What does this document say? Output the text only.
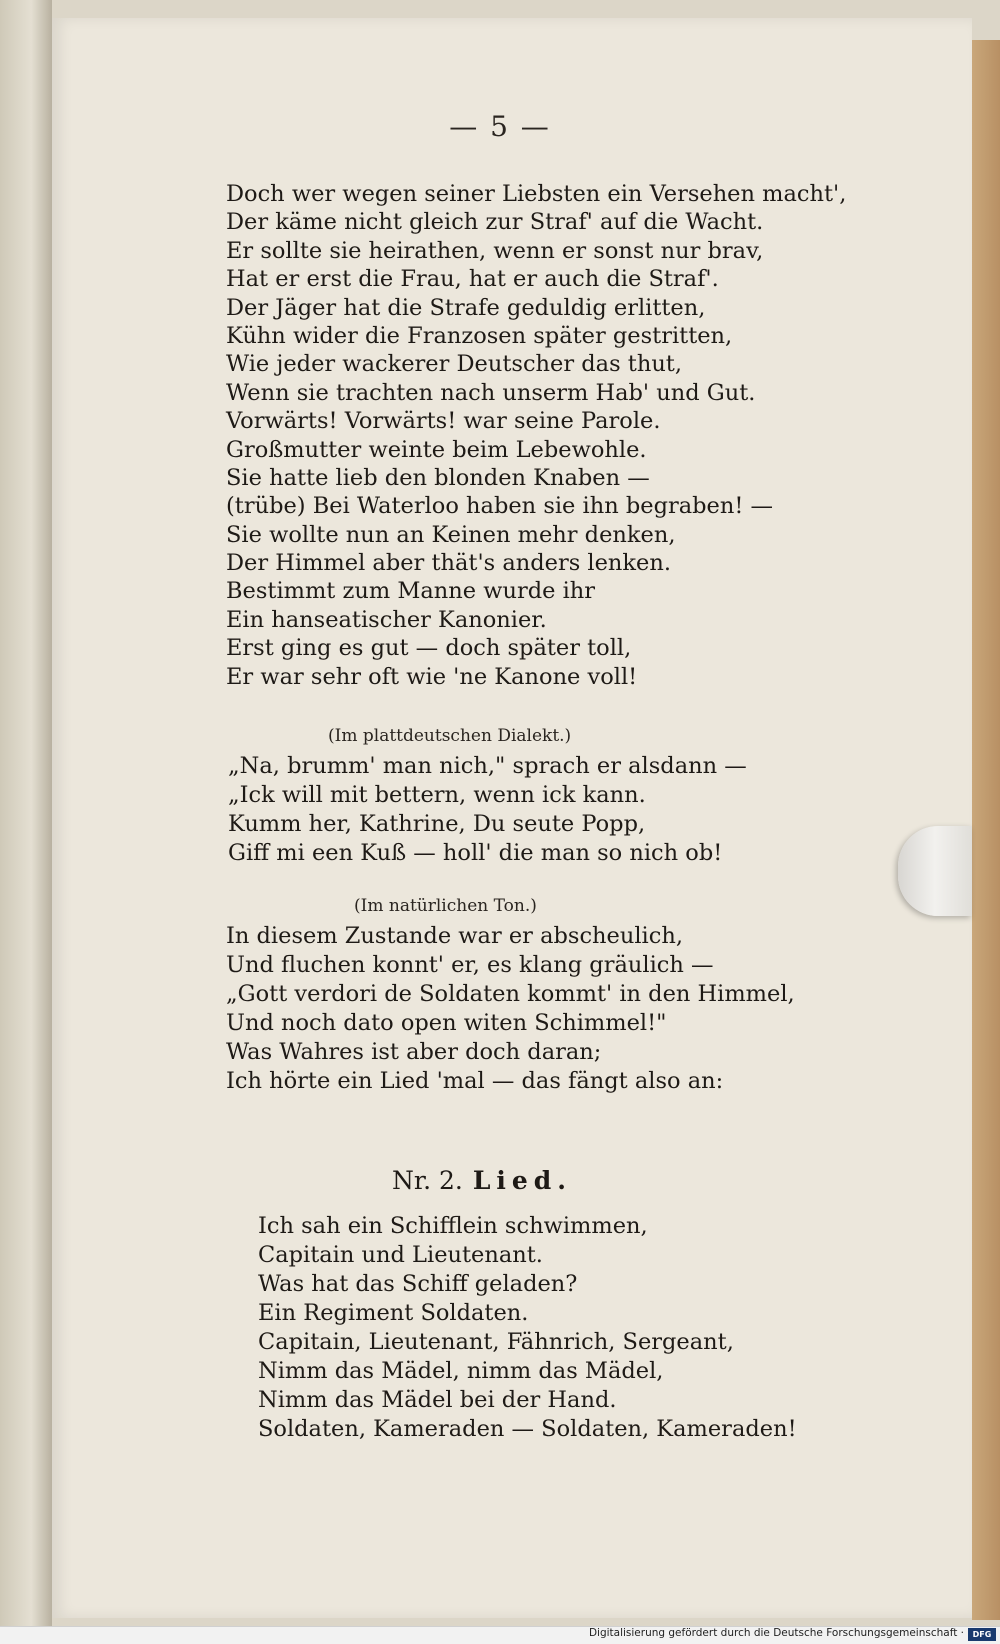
— 5 —
Doch wer wegen seiner Liebsten ein Versehen macht',
Der käme nicht gleich zur Straf' auf die Wacht.
Er sollte sie heirathen, wenn er sonst nur brav,
Hat er erst die Frau, hat er auch die Straf'.
Der Jäger hat die Strafe geduldig erlitten,
Kühn wider die Franzosen später gestritten,
Wie jeder wackerer Deutscher das thut,
Wenn sie trachten nach unserm Hab' und Gut.
Vorwärts! Vorwärts! war seine Parole.
Großmutter weinte beim Lebewohle.
Sie hatte lieb den blonden Knaben —
(trübe) Bei Waterloo haben sie ihn begraben! —
Sie wollte nun an Keinen mehr denken,
Der Himmel aber thät's anders lenken.
Bestimmt zum Manne wurde ihr
Ein hanseatischer Kanonier.
Erst ging es gut — doch später toll,
Er war sehr oft wie 'ne Kanone voll!
(Im plattdeutschen Dialekt.)
„Na, brumm' man nich," sprach er alsdann —
„Ick will mit bettern, wenn ick kann.
Kumm her, Kathrine, Du seute Popp,
Giff mi een Kuß — holl' die man so nich ob!
(Im natürlichen Ton.)
In diesem Zustande war er abscheulich,
Und fluchen konnt' er, es klang gräulich —
„Gott verdori de Soldaten kommt' in den Himmel,
Und noch dato open witen Schimmel!"
Was Wahres ist aber doch daran;
Ich hörte ein Lied 'mal — das fängt also an:
Nr. 2. Lied.
Ich sah ein Schifflein schwimmen,
Capitain und Lieutenant.
Was hat das Schiff geladen?
Ein Regiment Soldaten.
Capitain, Lieutenant, Fähnrich, Sergeant,
Nimm das Mädel, nimm das Mädel,
Nimm das Mädel bei der Hand.
Soldaten, Kameraden — Soldaten, Kameraden!
Digitalisierung gefördert durch die Deutsche Forschungsgemeinschaft ·	DFG
